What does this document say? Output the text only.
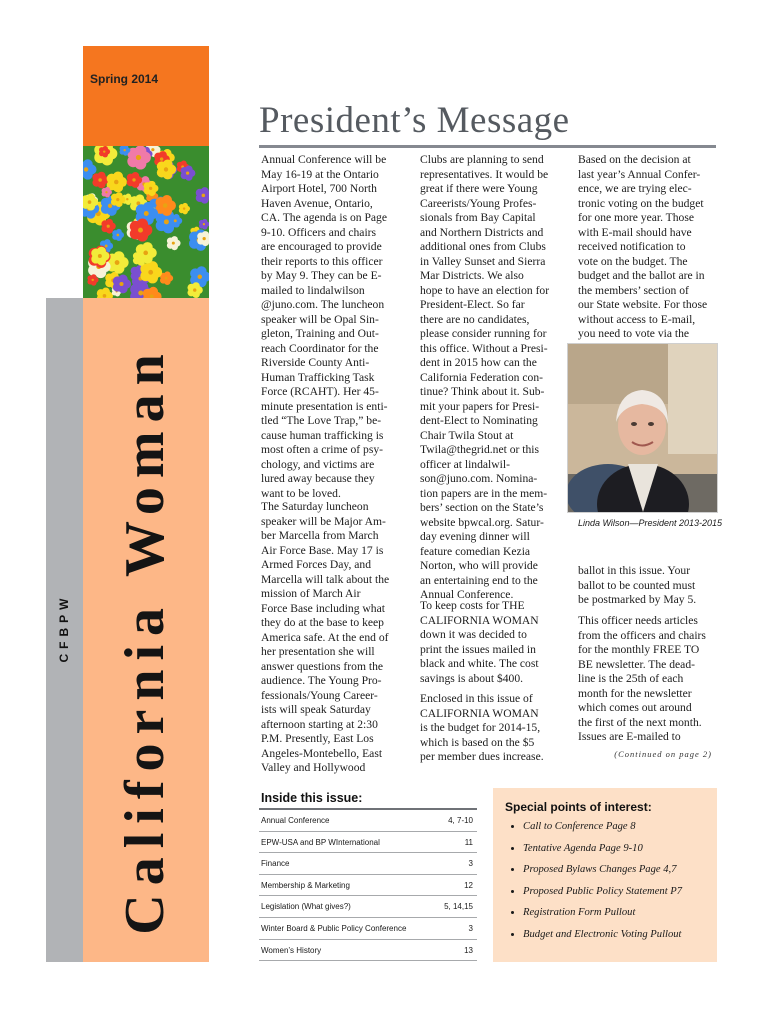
Spring 2014
California Woman
CFBPW
President’s Message
Annual Conference will be
May 16-19 at the Ontario
Airport Hotel, 700 North
Haven Avenue, Ontario,
CA. The agenda is on Page
9-10. Officers and chairs
are encouraged to provide
their reports to this officer
by May 9. They can be E-
mailed to lindalwilson
@juno.com. The luncheon
speaker will be Opal Sin-
gleton, Training and Out-
reach Coordinator for the
Riverside County Anti-
Human Trafficking Task
Force (RCAHT). Her 45-
minute presentation is enti-
tled “The Love Trap,” be-
cause human trafficking is
most often a crime of psy-
chology, and victims are
lured away because they
want to be loved.
The Saturday luncheon
speaker will be Major Am-
ber Marcella from March
Air Force Base. May 17 is
Armed Forces Day, and
Marcella will talk about the
mission of March Air
Force Base including what
they do at the base to keep
America safe. At the end of
her presentation she will
answer questions from the
audience. The Young Pro-
fessionals/Young Career-
ists will speak Saturday
afternoon starting at 2:30
P.M. Presently, East Los
Angeles-Montebello, East
Valley and Hollywood
Clubs are planning to send
representatives. It would be
great if there were Young
Careerists/Young Profes-
sionals from Bay Capital
and Northern Districts and
additional ones from Clubs
in Valley Sunset and Sierra
Mar Districts. We also
hope to have an election for
President-Elect. So far
there are no candidates,
please consider running for
this office. Without a Presi-
dent in 2015 how can the
California Federation con-
tinue? Think about it. Sub-
mit your papers for Presi-
dent-Elect to Nominating
Chair Twila Stout at
Twila@thegrid.net or this
officer at lindalwil-
son@juno.com. Nomina-
tion papers are in the mem-
bers’ section on the State’s
website bpwcal.org. Satur-
day evening dinner will
feature comedian Kezia
Norton, who will provide
an entertaining end to the
Annual Conference.
To keep costs for THE
CALIFORNIA WOMAN
down it was decided to
print the issues mailed in
black and white. The cost
savings is about $400.
Enclosed in this issue of
CALIFORNIA WOMAN
is the budget for 2014-15,
which is based on the $5
per member dues increase.
Based on the decision at
last year’s Annual Confer-
ence, we are trying elec-
tronic voting on the budget
for one more year. Those
with E-mail should have
received notification to
vote on the budget. The
budget and the ballot are in
the members’ section of
our State website. For those
without access to E-mail,
you need to vote via the
ballot in this issue. Your
ballot to be counted must
be postmarked by May 5.
This officer needs articles
from the officers and chairs
for the monthly FREE TO
BE newsletter. The dead-
line is the 25th of each
month for the newsletter
which comes out around
the first of the next month.
Issues are E-mailed to
Linda Wilson—President 2013-2015
(Continued on page 2)
Inside this issue:
Annual Conference	4, 7-10
EPW-USA and BP WInternational	11
Finance	3
Membership & Marketing	12
Legislation (What gives?)	5, 14,15
Winter Board & Public Policy Conference	3
Women’s History	13
Special points of interest:
• Call to Conference Page 8
• Tentative Agenda Page 9-10
• Proposed Bylaws Changes Page 4,7
• Proposed Public Policy Statement P7
• Registration Form Pullout
• Budget and Electronic Voting Pullout
